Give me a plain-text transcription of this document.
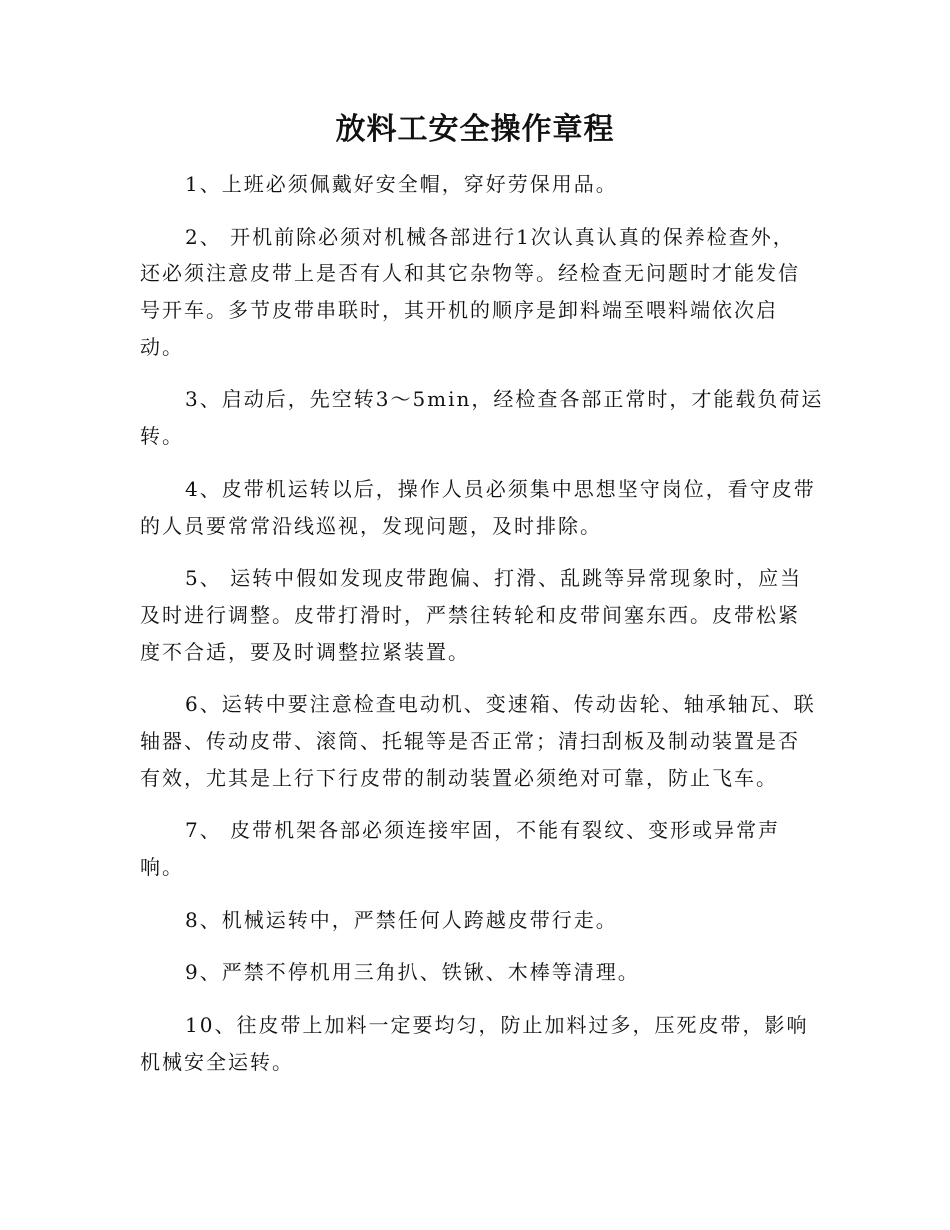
放料工安全操作章程
1、上班必须佩戴好安全帽，穿好劳保用品。
2、 开机前除必须对机械各部进行1次认真认真的保养检查外，
还必须注意皮带上是否有人和其它杂物等。经检查无问题时才能发信
号开车。多节皮带串联时，其开机的顺序是卸料端至喂料端依次启
动。
3、启动后，先空转3～5min，经检查各部正常时，才能载负荷运
转。
4、皮带机运转以后，操作人员必须集中思想坚守岗位，看守皮带
的人员要常常沿线巡视，发现问题，及时排除。
5、 运转中假如发现皮带跑偏、打滑、乱跳等异常现象时，应当
及时进行调整。皮带打滑时，严禁往转轮和皮带间塞东西。皮带松紧
度不合适，要及时调整拉紧装置。
6、运转中要注意检查电动机、变速箱、传动齿轮、轴承轴瓦、联
轴器、传动皮带、滚筒、托辊等是否正常；清扫刮板及制动装置是否
有效，尤其是上行下行皮带的制动装置必须绝对可靠，防止飞车。
7、 皮带机架各部必须连接牢固，不能有裂纹、变形或异常声
响。
8、机械运转中，严禁任何人跨越皮带行走。
9、严禁不停机用三角扒、铁锹、木棒等清理。
10、往皮带上加料一定要均匀，防止加料过多，压死皮带，影响
机械安全运转。
